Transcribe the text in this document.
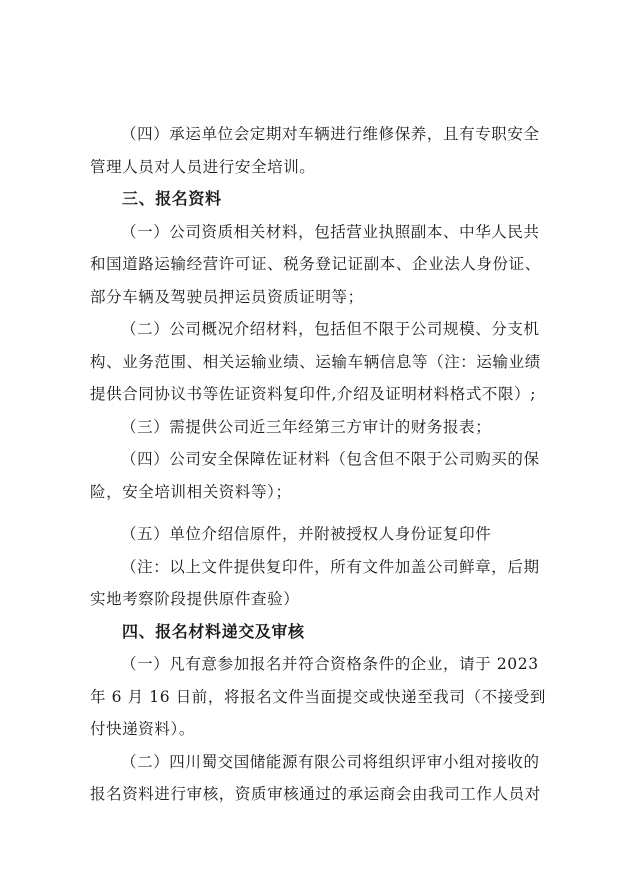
（四）承运单位会定期对车辆进行维修保养，且有专职安全
管理人员对人员进行安全培训。

三、报名资料

（一）公司资质相关材料，包括营业执照副本、中华人民共
和国道路运输经营许可证、税务登记证副本、企业法人身份证、
部分车辆及驾驶员押运员资质证明等；

（二）公司概况介绍材料，包括但不限于公司规模、分支机
构、业务范围、相关运输业绩、运输车辆信息等（注：运输业绩
提供合同协议书等佐证资料复印件,介绍及证明材料格式不限）;

（三）需提供公司近三年经第三方审计的财务报表；

（四）公司安全保障佐证材料（包含但不限于公司购买的保
险，安全培训相关资料等）；

（五）单位介绍信原件，并附被授权人身份证复印件

（注：以上文件提供复印件，所有文件加盖公司鲜章，后期
实地考察阶段提供原件查验）

四、报名材料递交及审核

（一）凡有意参加报名并符合资格条件的企业，请于 2023
年 6 月 16 日前，将报名文件当面提交或快递至我司（不接受到
付快递资料）。

（二）四川蜀交国储能源有限公司将组织评审小组对接收的
报名资料进行审核，资质审核通过的承运商会由我司工作人员对
